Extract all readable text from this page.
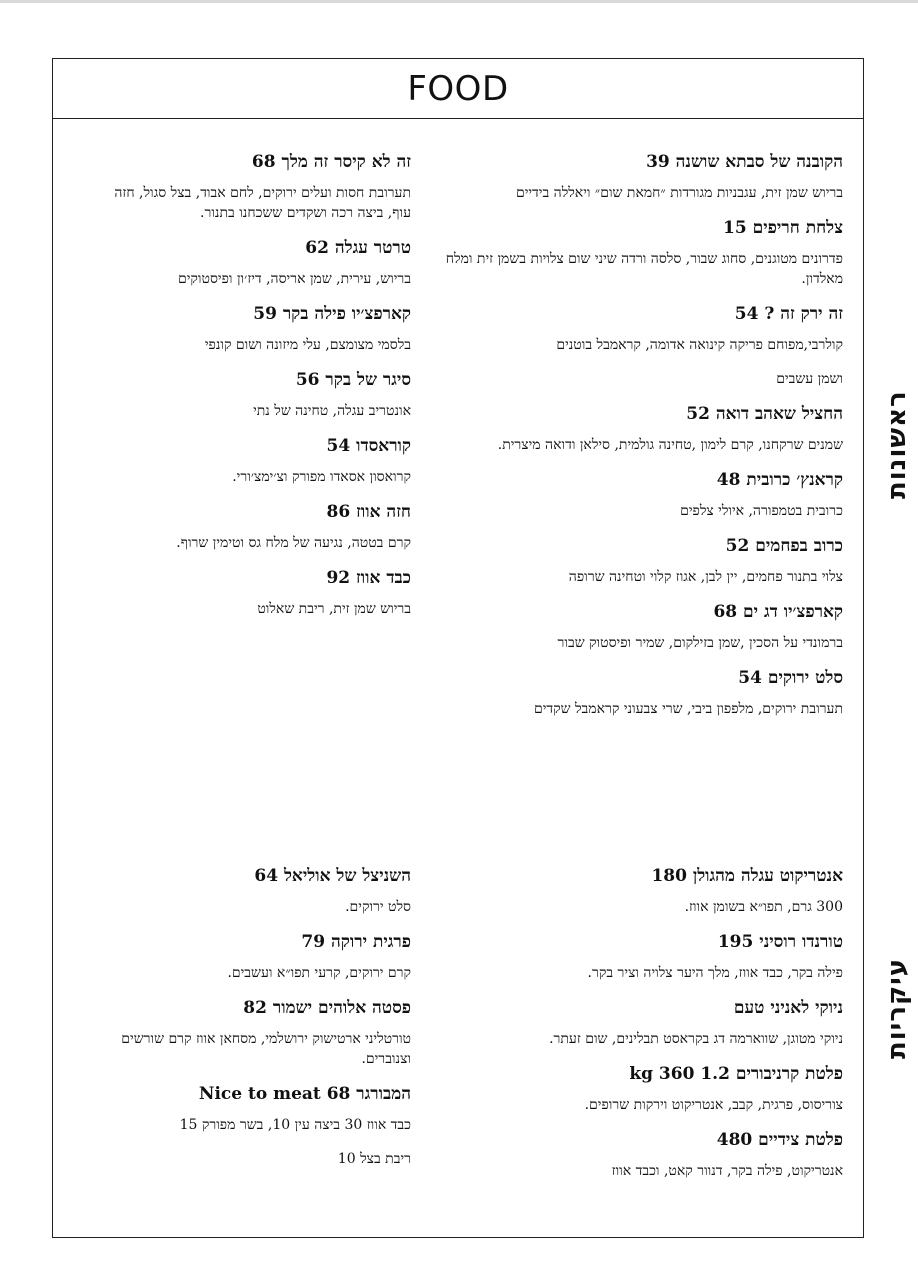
FOOD
הקובנה של סבתא שושנה 39
בריוש שמן זית, עגבניות מגורדות ״חמאת שום״ ויאללה בידיים
צלחת חריפים 15
פדרונים מטוגנים, סחוג שבור, סלסה ורדה שיני שום צלויות בשמן זית ומלח מאלדון.
זה ירק זה ? 54
קולרבי,מפוחם פריקה קינואה אדומה, קראמבל בוטנים
ושמן עשבים
החציל שאהב דואה 52
שמנים שרקחנו, קרם לימון ,טחינה גולמית, סילאן ודואה מיצרית.
קראנץ׳ כרובית 48
כרובית בטמפורה, איולי צלפים
כרוב בפחמים 52
צלוי בתנור פחמים, יין לבן, אגוז קלוי וטחינה שרופה
קארפצ׳יו דג ים 68
ברמונדי על הסכין ,שמן בזילקום, שמיר ופיסטוק שבור
סלט ירוקים 54
תערובת ירוקים, מלפפון ביבי, שרי צבעוני קראמבל שקדים
זה לא קיסר זה מלך 68
תערובת חסות ועלים ירוקים, לחם אבוד, בצל סגול, חזה עוף, ביצה רכה ושקדים ששכחנו בתנור.
טרטר עגלה 62
בריוש, עירית, שמן אריסה, דיז׳ון ופיסטוקים
קארפצ׳יו פילה בקר 59
בלסמי מצומצם, עלי מיזונה ושום קונפי
סיגר של בקר 56
אונטריב עגלה, טחינה של נתי
קוראסדו 54
קרואסון אסאדו מפורק וצ׳ימצ׳ורי.
חזה אווז 86
קרם בטטה, נגיעה של מלח גס וטימין שרוף.
כבד אווז 92
בריוש שמן זית, ריבת שאלוט
אנטריקוט עגלה מהגולן 180
300 גרם, תפו״א בשומן אווז.
טורנדו רוסיני 195
פילה בקר, כבד אווז, מלך היער צלויה וציר בקר.
ניוקי לאניני טעם
ניוקי מטוגן, שווארמה דג בקראסט תבלינים, שום זעתר.
פלטת קרניבורים 1.2 kg 360
צוריסוס, פרגית, קבב, אנטריקוט וירקות שרופים.
פלטת צידיים 480
אנטריקוט, פילה בקר, דנוור קאט, וכבד אווז
השניצל של אוליאל 64
סלט ירוקים.
פרגית ירוקה 79
קרם ירוקים, קרעי תפו״א ועשבים.
פסטה אלוהים ישמור 82
טורטליני ארטישוק ירושלמי, מסחאן אווז קרם שורשים וצנוברים.
המבורגר Nice to meat 68
כבד אווז 30 ביצה עין 10, בשר מפורק 15
ריבת בצל 10
ראשונות
עיקריות
